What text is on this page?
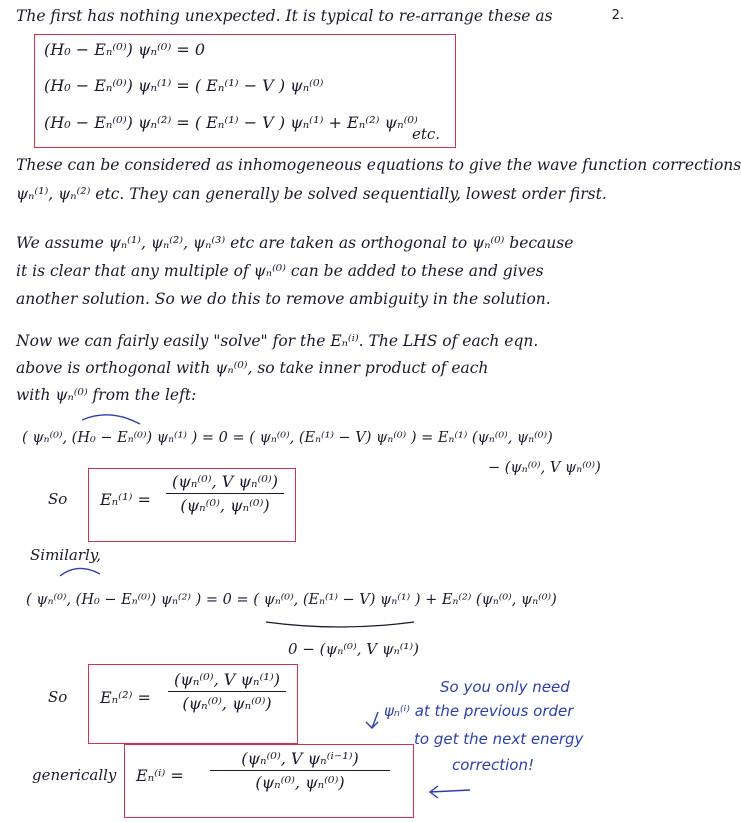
2.
The first has nothing unexpected. It is typical to re-arrange these as
(H₀ − Eₙ⁽⁰⁾) ψₙ⁽⁰⁾ = 0
(H₀ − Eₙ⁽⁰⁾) ψₙ⁽¹⁾ = ( Eₙ⁽¹⁾ − V ) ψₙ⁽⁰⁾
(H₀ − Eₙ⁽⁰⁾) ψₙ⁽²⁾ = ( Eₙ⁽¹⁾ − V ) ψₙ⁽¹⁾ + Eₙ⁽²⁾ ψₙ⁽⁰⁾
etc.
These can be considered as inhomogeneous equations to give the wave function corrections
ψₙ⁽¹⁾, ψₙ⁽²⁾ etc. They can generally be solved sequentially, lowest order first.
We assume ψₙ⁽¹⁾, ψₙ⁽²⁾, ψₙ⁽³⁾ etc are taken as orthogonal to ψₙ⁽⁰⁾ because
it is clear that any multiple of ψₙ⁽⁰⁾ can be added to these and gives
another solution. So we do this to remove ambiguity in the solution.
Now we can fairly easily "solve" for the Eₙ⁽ⁱ⁾. The LHS of each eqn.
above is orthogonal with ψₙ⁽⁰⁾, so take inner product of each
with ψₙ⁽⁰⁾ from the left:
( ψₙ⁽⁰⁾, (H₀ − Eₙ⁽⁰⁾) ψₙ⁽¹⁾ ) = 0 = ( ψₙ⁽⁰⁾, (Eₙ⁽¹⁾ − V) ψₙ⁽⁰⁾ ) = Eₙ⁽¹⁾ (ψₙ⁽⁰⁾, ψₙ⁽⁰⁾)
− (ψₙ⁽⁰⁾, V ψₙ⁽⁰⁾)
So Eₙ⁽¹⁾ =
(ψₙ⁽⁰⁾, V ψₙ⁽⁰⁾)
(ψₙ⁽⁰⁾, ψₙ⁽⁰⁾)
Similarly,
( ψₙ⁽⁰⁾, (H₀ − Eₙ⁽⁰⁾) ψₙ⁽²⁾ ) = 0 = ( ψₙ⁽⁰⁾, (Eₙ⁽¹⁾ − V) ψₙ⁽¹⁾ ) + Eₙ⁽²⁾ (ψₙ⁽⁰⁾, ψₙ⁽⁰⁾)
0 − (ψₙ⁽⁰⁾, V ψₙ⁽¹⁾)
So Eₙ⁽²⁾ =
(ψₙ⁽⁰⁾, V ψₙ⁽¹⁾)
(ψₙ⁽⁰⁾, ψₙ⁽⁰⁾)
So you only need
ψₙ⁽ⁱ⁾ at the previous order
to get the next energy
correction!
generically Eₙ⁽ⁱ⁾ =
(ψₙ⁽⁰⁾, V ψₙ⁽ⁱ⁻¹⁾)
(ψₙ⁽⁰⁾, ψₙ⁽⁰⁾)
